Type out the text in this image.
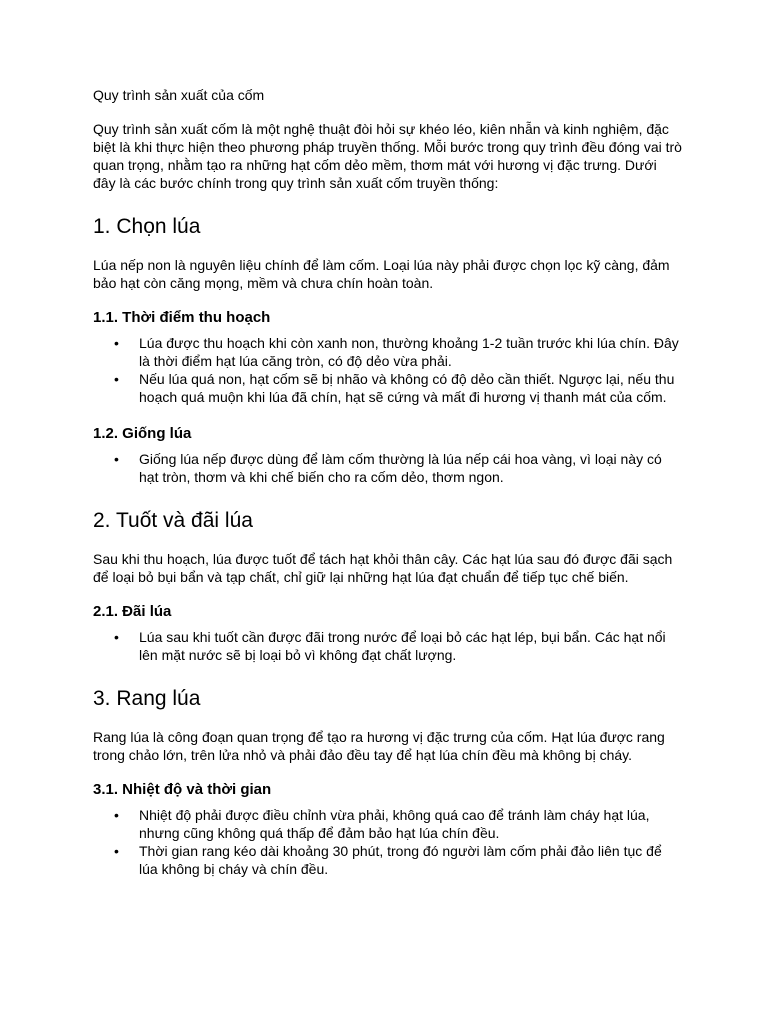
Quy trình sản xuất của cốm

Quy trình sản xuất cốm là một nghệ thuật đòi hỏi sự khéo léo, kiên nhẫn và kinh nghiệm, đặc biệt là khi thực hiện theo phương pháp truyền thống. Mỗi bước trong quy trình đều đóng vai trò quan trọng, nhằm tạo ra những hạt cốm dẻo mềm, thơm mát với hương vị đặc trưng. Dưới đây là các bước chính trong quy trình sản xuất cốm truyền thống:

1. Chọn lúa

Lúa nếp non là nguyên liệu chính để làm cốm. Loại lúa này phải được chọn lọc kỹ càng, đảm bảo hạt còn căng mọng, mềm và chưa chín hoàn toàn.

1.1. Thời điểm thu hoạch
• Lúa được thu hoạch khi còn xanh non, thường khoảng 1-2 tuần trước khi lúa chín. Đây là thời điểm hạt lúa căng tròn, có độ dẻo vừa phải.
• Nếu lúa quá non, hạt cốm sẽ bị nhão và không có độ dẻo cần thiết. Ngược lại, nếu thu hoạch quá muộn khi lúa đã chín, hạt sẽ cứng và mất đi hương vị thanh mát của cốm.
1.2. Giống lúa
• Giống lúa nếp được dùng để làm cốm thường là lúa nếp cái hoa vàng, vì loại này có hạt tròn, thơm và khi chế biến cho ra cốm dẻo, thơm ngon.
2. Tuốt và đãi lúa

Sau khi thu hoạch, lúa được tuốt để tách hạt khỏi thân cây. Các hạt lúa sau đó được đãi sạch để loại bỏ bụi bẩn và tạp chất, chỉ giữ lại những hạt lúa đạt chuẩn để tiếp tục chế biến.

2.1. Đãi lúa
• Lúa sau khi tuốt cần được đãi trong nước để loại bỏ các hạt lép, bụi bẩn. Các hạt nổi lên mặt nước sẽ bị loại bỏ vì không đạt chất lượng.
3. Rang lúa

Rang lúa là công đoạn quan trọng để tạo ra hương vị đặc trưng của cốm. Hạt lúa được rang trong chảo lớn, trên lửa nhỏ và phải đảo đều tay để hạt lúa chín đều mà không bị cháy.

3.1. Nhiệt độ và thời gian
• Nhiệt độ phải được điều chỉnh vừa phải, không quá cao để tránh làm cháy hạt lúa, nhưng cũng không quá thấp để đảm bảo hạt lúa chín đều.
• Thời gian rang kéo dài khoảng 30 phút, trong đó người làm cốm phải đảo liên tục để lúa không bị cháy và chín đều.
